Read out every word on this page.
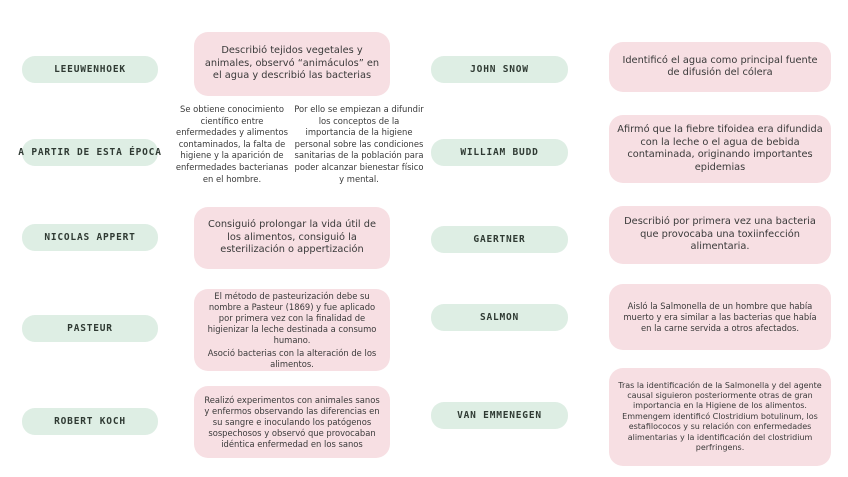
LEEUWENHOEK

Describió tejidos vegetales y animales, observó “animáculos” en el agua y describió las bacterias

A PARTIR DE ESTA ÉPOCA
Se obtiene conocimiento científico entre enfermedades y alimentos contaminados, la falta de higiene y la aparición de enfermedades bacterianas en el hombre.
Por ello se empiezan a difundir los conceptos de la importancia de la higiene personal sobre las condiciones sanitarias de la población para poder alcanzar bienestar físico y mental.
NICOLAS APPERT

Consiguió prolongar la vida útil de los alimentos, consiguió la esterilización o appertización

PASTEUR

El método de pasteurización debe su nombre a Pasteur (1869) y fue aplicado por primera vez con la finalidad de higienizar la leche destinada a consumo humano.

Asoció bacterias con la alteración de los alimentos.

ROBERT KOCH

Realizó experimentos con animales sanos y enfermos observando las diferencias en su sangre e inoculando los patógenos sospechosos y observó que provocaban idéntica enfermedad en los sanos

JOHN SNOW

Identificó el agua como principal fuente de difusión del cólera

WILLIAM BUDD

Afirmó que la fiebre tifoidea era difundida con la leche o el agua de bebida contaminada, originando importantes epidemias

GAERTNER

Describió por primera vez una bacteria que provocaba una toxiinfección alimentaria.

SALMON

Aisló la Salmonella de un hombre que había muerto y era similar a las bacterias que había en la carne servida a otros afectados.

VAN EMMENEGEN

Tras la identificación de la Salmonella y del agente causal siguieron posteriormente otras de gran importancia en la Higiene de los alimentos. Emmengem identificó Clostridium botulinum, los estafilococos y su relación con enfermedades alimentarias y la identificación del clostridium perfringens.
